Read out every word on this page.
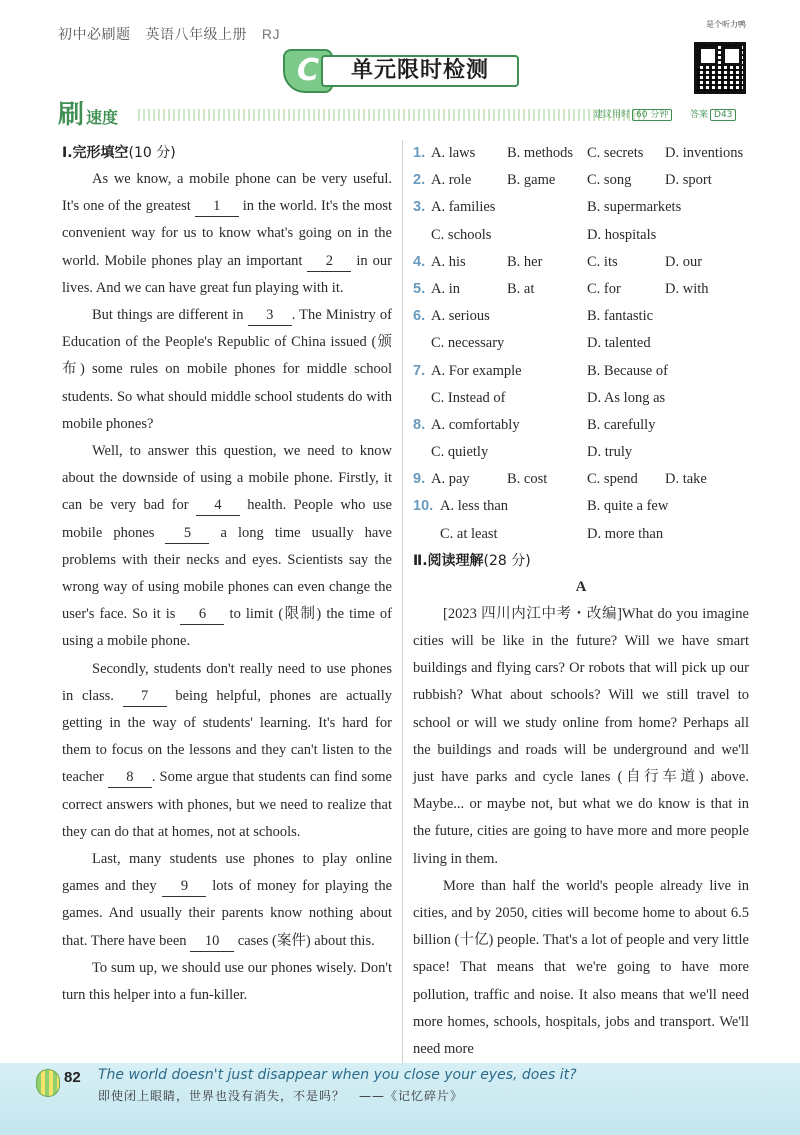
初中必刷题 英语八年级上册 RJ
C	单元限时检测
是个听力鸭
刷速度	建议用时 60 分钟	答案 D43
Ⅰ.完形填空(10 分)

As we know, a mobile phone can be very useful. It's one of the greatest 1 in the world. It's the most convenient way for us to know what's going on in the world. Mobile phones play an important 2 in our lives. And we can have great fun playing with it.

But things are different in 3 . The Ministry of Education of the People's Republic of China issued (颁布) some rules on mobile phones for middle school students. So what should middle school students do with mobile phones?

Well, to answer this question, we need to know about the downside of using a mobile phone. Firstly, it can be very bad for 4 health. People who use mobile phones 5 a long time usually have problems with their necks and eyes. Scientists say the wrong way of using mobile phones can even change the user's face. So it is 6 to limit (限制) the time of using a mobile phone.

Secondly, students don't really need to use phones in class. 7 being helpful, phones are actually getting in the way of students' learning. It's hard for them to focus on the lessons and they can't listen to the teacher 8 . Some argue that students can find some correct answers with phones, but we need to realize that they can do that at homes, not at schools.

Last, many students use phones to play online games and they 9 lots of money for playing the games. And usually their parents know nothing about that. There have been 10 cases (案件) about this.

To sum up, we should use our phones wisely. Don't turn this helper into a fun-killer.

1. A. laws B. methods C. secrets D. inventions
2. A. role B. game C. song D. sport
3. A. families	B. supermarkets
C. schools	D. hospitals
4. A. his	B. her	C. its	D. our
5. A. in	B. at	C. for	D. with
6. A. serious	B. fantastic
C. necessary	D. talented
7. A. For example	B. Because of
C. Instead of	D. As long as
8. A. comfortably	B. carefully
C. quietly	D. truly
9. A. pay	B. cost	C. spend D. take
10. A. less than	B. quite a few
C. at least	D. more than
Ⅱ.阅读理解(28 分)
A

[2023 四川内江中考・改编]What do you imagine cities will be like in the future? Will we have smart buildings and flying cars? Or robots that will pick up our rubbish? What about schools? Will we still travel to school or will we study online from home? Perhaps all the buildings and roads will be underground and we'll just have parks and cycle lanes (自行车道) above. Maybe... or maybe not, but what we do know is that in the future, cities are going to have more and more people living in them.

More than half the world's people already live in cities, and by 2050, cities will become home to about 6.5 billion (十亿) people. That's a lot of people and very little space! That means that we're going to have more pollution, traffic and noise. It also means that we'll need more homes, schools, hospitals, jobs and transport. We'll need more

82 The world doesn't just disappear when you close your eyes, does it?
即使闭上眼睛，世界也没有消失，不是吗？ ——《记忆碎片》
